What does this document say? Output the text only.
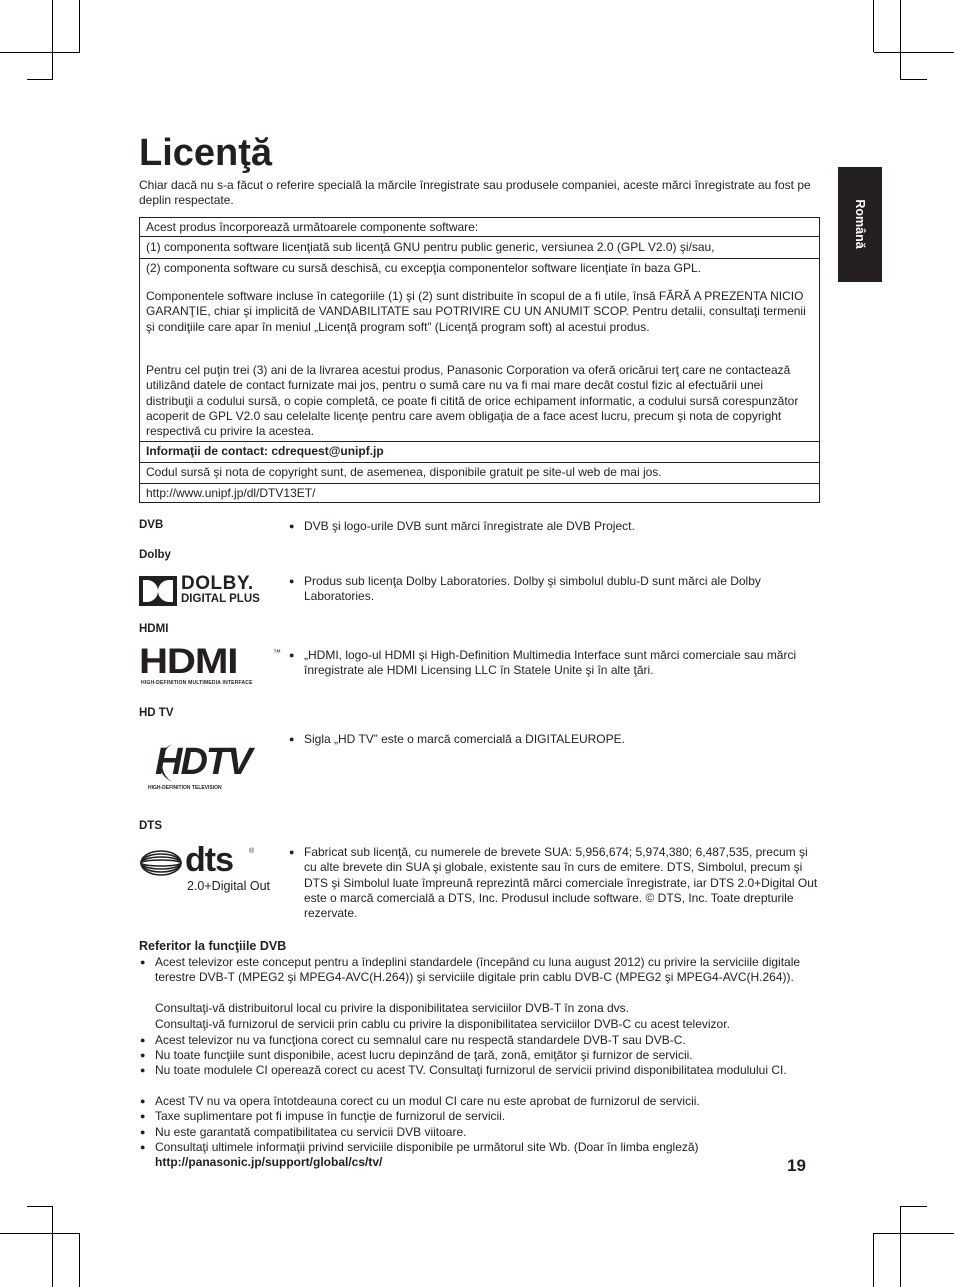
Licenţă

Chiar dacă nu s-a făcut o referire specială la mărcile înregistrate sau produsele companiei, aceste mărci înregistrate au fost pe deplin respectate.	Română

Acest produs încorporează următoarele componente software:

(1) componenta software licenţiată sub licenţă GNU pentru public generic, versiunea 2.0 (GPL V2.0) şi/sau,

(2) componenta software cu sursă deschisă, cu excepţia componentelor software licenţiate în baza GPL.

Componentele software incluse în categoriile (1) şi (2) sunt distribuite în scopul de a fi utile, însă FĂRĂ A PREZENTA NICIO GARANŢIE, chiar şi implicită de VANDABILITATE sau POTRIVIRE CU UN ANUMIT SCOP. Pentru detalii, consultaţi termenii şi condiţiile care apar în meniul „Licenţă program soft” (Licenţă program soft) al acestui produs.

Pentru cel puţin trei (3) ani de la livrarea acestui produs, Panasonic Corporation va oferă oricărui terţ care ne contactează utilizând datele de contact furnizate mai jos, pentru o sumă care nu va fi mai mare decât costul fizic al efectuării unei distribuţii a codului sursă, o copie completă, ce poate fi citită de orice echipament informatic, a codului sursă corespunzător acoperit de GPL V2.0 sau celelalte licenţe pentru care avem obligaţia de a face acest lucru, precum şi nota de copyright respectivă cu privire la acestea.

Informaţii de contact: cdrequest@unipf.jp

Codul sursă şi nota de copyright sunt, de asemenea, disponibile gratuit pe site-ul web de mai jos.

http://www.unipf.jp/dl/DTV13ET/

DVB	● DVB şi logo-urile DVB sunt mărci înregistrate ale DVB Project.

Dolby

DOLBY.
DIGITAL PLUS
● Produs sub licenţa Dolby Laboratories. Dolby şi simbolul dublu-D sunt mărci ale Dolby Laboratories.

HDMI

HDMI	™
HIGH-DEFINITION MULTIMEDIA INTERFACE
● „HDMI, logo-ul HDMI şi High-Definition Multimedia Interface sunt mărci comerciale sau mărci înregistrate ale HDMI Licensing LLC în Statele Unite şi în alte ţări.

HD TV

HDTV
HIGH-DEFINITION TELEVISION
● Sigla „HD TV” este o marcă comercială a DIGITALEUROPE.

DTS

dts ®
2.0+Digital Out
● Fabricat sub licenţă, cu numerele de brevete SUA: 5,956,674; 5,974,380; 6,487,535, precum şi cu alte brevete din SUA şi globale, existente sau în curs de emitere. DTS, Simbolul, precum şi DTS şi Simbolul luate împreună reprezintă mărci comerciale înregistrate, iar DTS 2.0+Digital Out este o marcă comercială a DTS, Inc. Produsul include software. © DTS, Inc. Toate drepturile rezervate.

Referitor la funcţiile DVB

● Acest televizor este conceput pentru a îndeplini standardele (începând cu luna august 2012) cu privire la serviciile digitale terestre DVB-T (MPEG2 şi MPEG4-AVC(H.264)) şi serviciile digitale prin cablu DVB-C (MPEG2 şi MPEG4-AVC(H.264)).

Consultaţi-vă distribuitorul local cu privire la disponibilitatea serviciilor DVB-T în zona dvs.

Consultaţi-vă furnizorul de servicii prin cablu cu privire la disponibilitatea serviciilor DVB-C cu acest televizor.

● Acest televizor nu va funcţiona corect cu semnalul care nu respectă standardele DVB-T sau DVB-C.

● Nu toate funcţiile sunt disponibile, acest lucru depinzând de ţară, zonă, emiţător şi furnizor de servicii.

● Nu toate modulele CI operează corect cu acest TV. Consultaţi furnizorul de servicii privind disponibilitatea modulului CI.

● Acest TV nu va opera întotdeauna corect cu un modul CI care nu este aprobat de furnizorul de servicii.

● Taxe suplimentare pot fi impuse în funcţie de furnizorul de servicii.

● Nu este garantată compatibilitatea cu servicii DVB viitoare.

● Consultaţi ultimele informaţii privind serviciile disponibile pe următorul site Wb. (Doar în limba engleză)

http://panasonic.jp/support/global/cs/tv/	19
